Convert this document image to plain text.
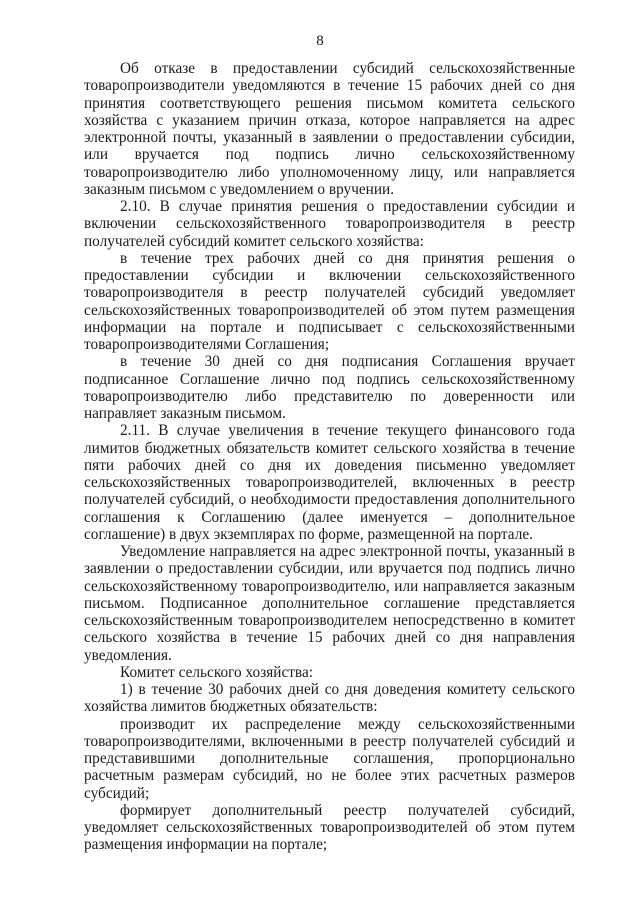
8

Об отказе в предоставлении субсидий сельскохозяйственные товаропроизводители уведомляются в течение 15 рабочих дней со дня принятия соответствующего решения письмом комитета сельского хозяйства с указанием причин отказа, которое направляется на адрес электронной почты, указанный в заявлении о предоставлении субсидии, или вручается под подпись лично сельскохозяйственному товаропроизводителю либо уполномоченному лицу, или направляется заказным письмом с уведомлением о вручении.

2.10. В случае принятия решения о предоставлении субсидии и включении сельскохозяйственного товаропроизводителя в реестр получателей субсидий комитет сельского хозяйства:

в течение трех рабочих дней со дня принятия решения о предоставлении субсидии и включении сельскохозяйственного товаропроизводителя в реестр получателей субсидий уведомляет сельскохозяйственных товаропроизводителей об этом путем размещения информации на портале и подписывает с сельскохозяйственными товаропроизводителями Соглашения;

в течение 30 дней со дня подписания Соглашения вручает подписанное Соглашение лично под подпись сельскохозяйственному товаропроизводителю либо представителю по доверенности или направляет заказным письмом.

2.11. В случае увеличения в течение текущего финансового года лимитов бюджетных обязательств комитет сельского хозяйства в течение пяти рабочих дней со дня их доведения письменно уведомляет сельскохозяйственных товаропроизводителей, включенных в реестр получателей субсидий, о необходимости предоставления дополнительного соглашения к Соглашению (далее именуется – дополнительное соглашение) в двух экземплярах по форме, размещенной на портале.

Уведомление направляется на адрес электронной почты, указанный в заявлении о предоставлении субсидии, или вручается под подпись лично сельскохозяйственному товаропроизводителю, или направляется заказным письмом. Подписанное дополнительное соглашение представляется сельскохозяйственным товаропроизводителем непосредственно в комитет сельского хозяйства в течение 15 рабочих дней со дня направления уведомления.

Комитет сельского хозяйства:

1) в течение 30 рабочих дней со дня доведения комитету сельского хозяйства лимитов бюджетных обязательств:

производит их распределение между сельскохозяйственными товаропроизводителями, включенными в реестр получателей субсидий и представившими дополнительные соглашения, пропорционально расчетным размерам субсидий, но не более этих расчетных размеров субсидий;

формирует дополнительный реестр получателей субсидий, уведомляет сельскохозяйственных товаропроизводителей об этом путем размещения информации на портале;
